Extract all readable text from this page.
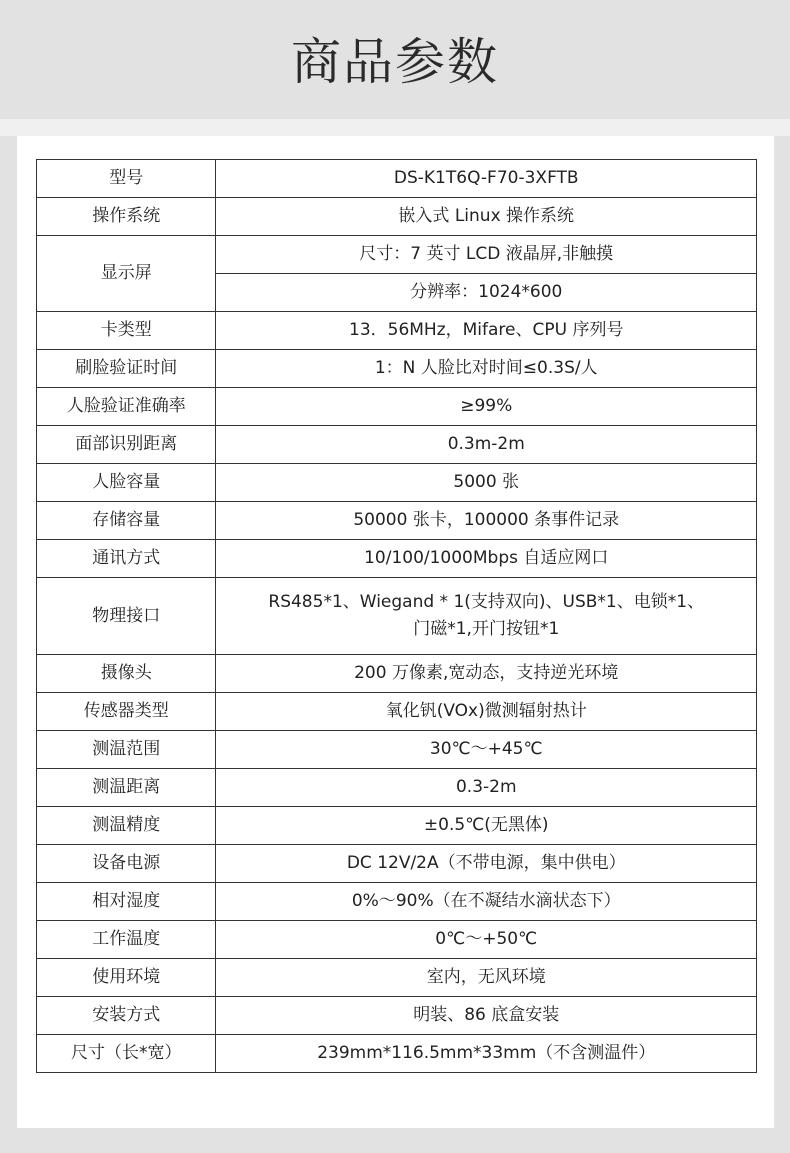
商品参数
型号	DS-K1T6Q-F70-3XFTB
操作系统	嵌入式 Linux 操作系统
显示屏	尺寸：7 英寸 LCD 液晶屏,非触摸
	分辨率：1024*600
卡类型	13．56MHz，Mifare、CPU 序列号
刷脸验证时间	1：N 人脸比对时间≤0.3S/人
人脸验证准确率	≥99%
面部识别距离	0.3m-2m
人脸容量	5000 张
存储容量	50000 张卡，100000 条事件记录
通讯方式	10/100/1000Mbps 自适应网口
物理接口	RS485*1、Wiegand * 1(支持双向)、USB*1、电锁*1、
门磁*1,开门按钮*1

摄像头	200 万像素,宽动态，支持逆光环境
传感器类型	氧化钒(VOx)微测辐射热计
测温范围	30℃～+45℃
测温距离	0.3-2m
测温精度	±0.5℃(无黑体)
设备电源	DC 12V/2A（不带电源，集中供电）
相对湿度	0%～90%（在不凝结水滴状态下）
工作温度	0℃～+50℃
使用环境	室内，无风环境
安装方式	明装、86 底盒安装
尺寸（长*宽）	239mm*116.5mm*33mm（不含测温件）
